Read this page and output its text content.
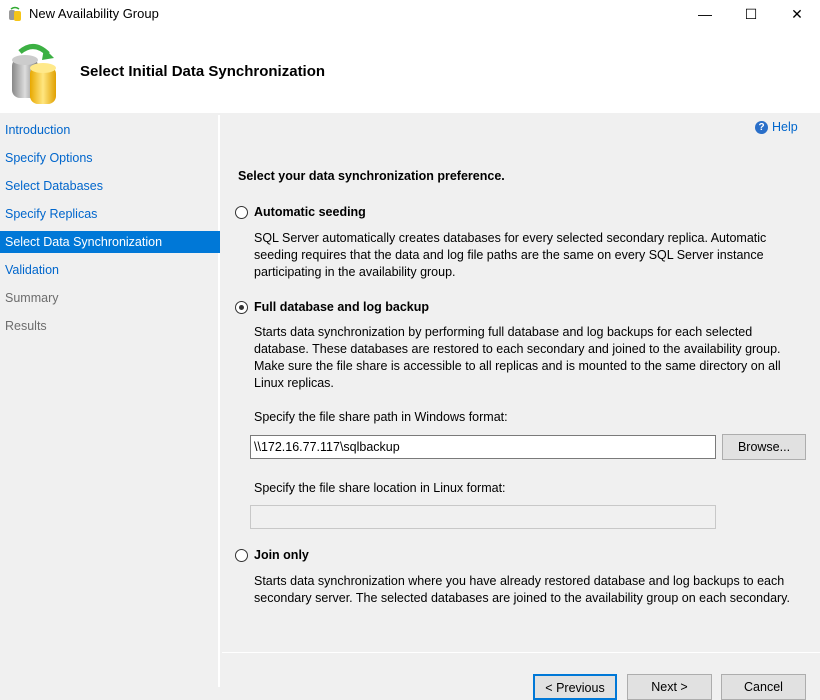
New Availability Group	—	☐	✕
Select Initial Data Synchronization
Introduction
Specify Options
Select Databases
Specify Replicas
Select Data Synchronization
Validation
Summary
Results
? Help
Select your data synchronization preference.
Automatic seeding
SQL Server automatically creates databases for every selected secondary replica. Automatic seeding requires that the data and log file paths are the same on every SQL Server instance participating in the availability group.
Full database and log backup
Starts data synchronization by performing full database and log backups for each selected database. These databases are restored to each secondary and joined to the availability group. Make sure the file share is accessible to all replicas and is mounted to the same directory on all Linux replicas.
Specify the file share path in Windows format:
\\172.16.77.117\sqlbackup	Browse...
Specify the file share location in Linux format:
Join only
Starts data synchronization where you have already restored database and log backups to each secondary server. The selected databases are joined to the availability group on each secondary.
< Previous	Next >	Cancel
